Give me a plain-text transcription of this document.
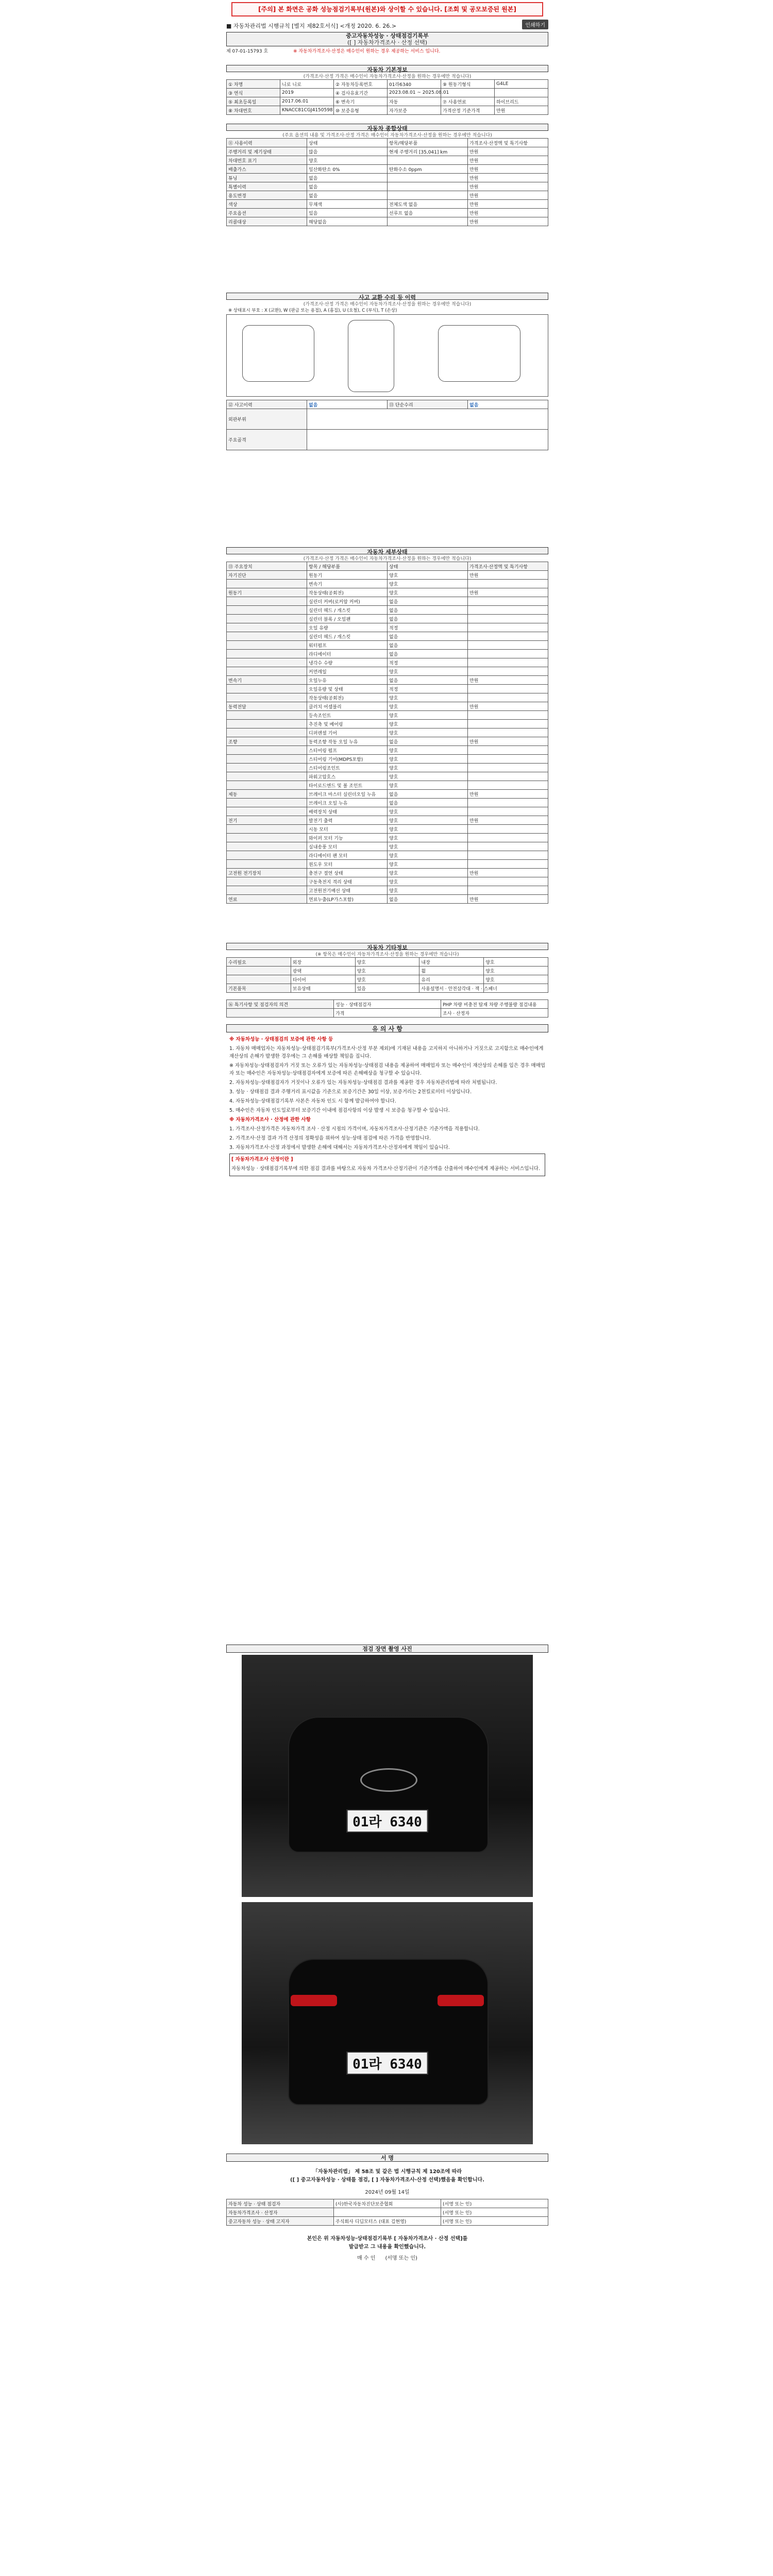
[주의] 본 화면은 공화 성능점검기록부(원본)와 상이할 수 있습니다. [조회 및 공모보증된 원본]
■ 자동차관리법 시행규칙 [별지 제82호서식] <개정 2020. 6. 26.>	인쇄하기
중고자동차성능 · 상태점검기록부
([ ] 자동차가격조사 · 산정 선택)
제 07-01-15793 호	※ 자동차가격조사·산정은 매수인이 원하는 경우 제공하는 서비스 입니다.
자동차 기본정보
(가격조사·산정 가격은 매수인이 자동차가격조사·산정을 원하는 경우에만 적습니다)
① 차명	니로 니로	② 자동차등록번호	01라6340	⑨ 원동기형식	G4LE
③ 연식	2019	④ 검사유효기간	2023.08.01 ~ 2025.08.01		
⑤ 최초등록일	2017.06.01	⑥ 변속기	자동	⑦ 사용연료	하이브리드
⑧ 차대번호	KNACC81CGJ4150598	⑩ 보증유형	자가보증	가격산정 기준가격	만원
자동차 종합상태
(주요 옵션의 내용 및 가격조사·산정 가격은 매수인이 자동차가격조사·산정을 원하는 경우에만 적습니다)
⑪ 사용이력	상태	항목/해당부품	가격조사·산정액 및 특기사항
주행거리 및 계기상태	많음	현재 주행거리 [35,041] km	만원
차대번호 표기	양호		만원
배출가스	일산화탄소 0%	탄화수소 0ppm	만원
튜닝	없음		만원
특별이력	없음		만원
용도변경	없음		만원
색상	무채색	전체도색 없음	만원
주요옵션	있음	선루프 없음	만원
리콜대상	해당없음		만원
사고 교환 수리 등 이력
(가격조사·산정 가격은 매수인이 자동차가격조사·산정을 원하는 경우에만 적습니다)
※ 상태표시 부호 : X (교환), W (판금 또는 용접), A (흠집), U (요철), C (부식), T (손상)
⑫ 사고이력	없음	⑬ 단순수리	없음
외판부위			
주요골격			
자동차 세부상태
(가격조사·산정 가격은 매수인이 자동차가격조사·산정을 원하는 경우에만 적습니다)
⑬ 주요장치	항목 / 해당부품	상태	가격조사·산정액 및 특기사항
자기진단	원동기	양호	만원
	변속기	양호	
원동기	작동상태(공회전)	양호	만원
	실린더 커버(로커암 커버)	없음	
	실린더 헤드 / 개스킷	없음	
	실린더 블록 / 오일팬	없음	
	오일 유량	적정	
	실린더 헤드 / 개스킷	없음	
	워터펌프	없음	
	라디에이터	없음	
	냉각수 수량	적정	
	커먼레일	양호	
변속기	오일누유	없음	만원
	오일유량 및 상태	적정	
	작동상태(공회전)	양호	
동력전달	클러치 어셈블리	양호	만원
	등속조인트	양호	
	추진축 및 베어링	양호	
	디퍼렌셜 기어	양호	
조향	동력조향 작동 오일 누유	없음	만원
	스티어링 펌프	양호	
	스티어링 기어(MDPS포함)	양호	
	스티어링조인트	양호	
	파워고압호스	양호	
	타이로드엔드 및 볼 조인트	양호	
제동	브레이크 마스터 실린더오일 누유	없음	만원
	브레이크 오일 누유	없음	
	배력장치 상태	양호	
전기	발전기 출력	양호	만원
	시동 모터	양호	
	와이퍼 모터 기능	양호	
	실내송풍 모터	양호	
	라디에이터 팬 모터	양호	
	윈도우 모터	양호	
고전원 전기장치	충전구 절연 상태	양호	만원
	구동축전지 격리 상태	양호	
	고전원전기배선 상태	양호	
연료	연료누출(LP가스포함)	없음	만원
자동차 기타정보
(※ 항목은 매수인이 자동차가격조사·산정을 원하는 경우에만 적습니다)
수리필요	외장	양호	내장	양호
	광택	양호	휠	양호
	타이어	양호	유리	양호
기본품목	보유상태	있음	사용설명서 · 안전삼각대 · 잭 · 스패너	
⑯ 특기사항 및 점검자의 의견	성능 · 상태점검자	PHP 차량 비충전 탑재 차량 주행불량 점검내용
	가격	조사 · 산정자
유 의 사 항

※ 자동차성능 · 상태점검의 보증에 관한 사항 등

1. 자동차 매매업자는 자동차성능·상태점검기록부(가격조사·산정 부분 제외)에 기재된 내용을 고지하지 아니하거나 거짓으로 고지함으로 매수인에게 재산상의 손해가 발생한 경우에는 그 손해를 배상할 책임을 집니다.

※ 자동차성능·상태점검자가 거짓 또는 오류가 있는 자동차성능·상태점검 내용을 제공하여 매매업자 또는 매수인이 재산상의 손해를 입은 경우 매매업자 또는 매수인은 자동차성능·상태점검자에게 보증에 따른 손해배상을 청구할 수 있습니다.

2. 자동차성능·상태점검자가 거짓이나 오류가 있는 자동차성능·상태점검 결과를 제공한 경우 자동차관리법에 따라 처벌됩니다.

3. 성능 · 상태점검 결과 주행거리 표시값을 기준으로 보증기간은 30일 이상, 보증거리는 2천킬로미터 이상입니다.

4. 자동차성능·상태점검기록부 사본은 자동차 인도 시 함께 발급하여야 합니다.

5. 매수인은 자동차 인도일로부터 보증기간 이내에 점검사항의 이상 발생 시 보증을 청구할 수 있습니다.

※ 자동차가격조사 · 산정에 관한 사항

1. 가격조사·산정가격은 자동차가격 조사 · 산정 시점의 가격이며, 자동차가격조사·산정기관은 기준가액을 적용합니다.

2. 가격조사·산정 결과 가격 산정의 정확성을 위하여 성능·상태 점검에 따른 가격을 반영합니다.

3. 자동차가격조사·산정 과정에서 발생한 손해에 대해서는 자동차가격조사·산정자에게 책임이 있습니다.

[ 자동차가격조사 산정이란 ]

자동차성능 · 상태점검기록부에 의한 점검 결과를 바탕으로 자동차 가격조사·산정기관이 기준가액을 산출하여 매수인에게 제공하는 서비스입니다.

점검 장면 촬영 사진
01라 6340
01라 6340
서 명
「자동차관리법」 제 58조 및 같은 법 시행규칙 제 120조에 따라
([ ] 중고자동차성능 · 상태를 점검, [ ] 자동차가격조사·산정 선택)했음을 확인합니다.
2024년 09월 14일
자동차 성능 · 상태 점검자	(사)한국자동차진단보증협회	(서명 또는 인)
자동차가격조사 · 산정자		(서명 또는 인)
중고자동차 성능 · 상태 고지자	주식회사 디딤모터스 (대표 김현영)	(서명 또는 인)
본인은 위 자동차성능·상태점검기록부 [ 자동차가격조사 · 산정 선택]를
발급받고 그 내용을 확인했습니다.
매 수 인 (서명 또는 인)
